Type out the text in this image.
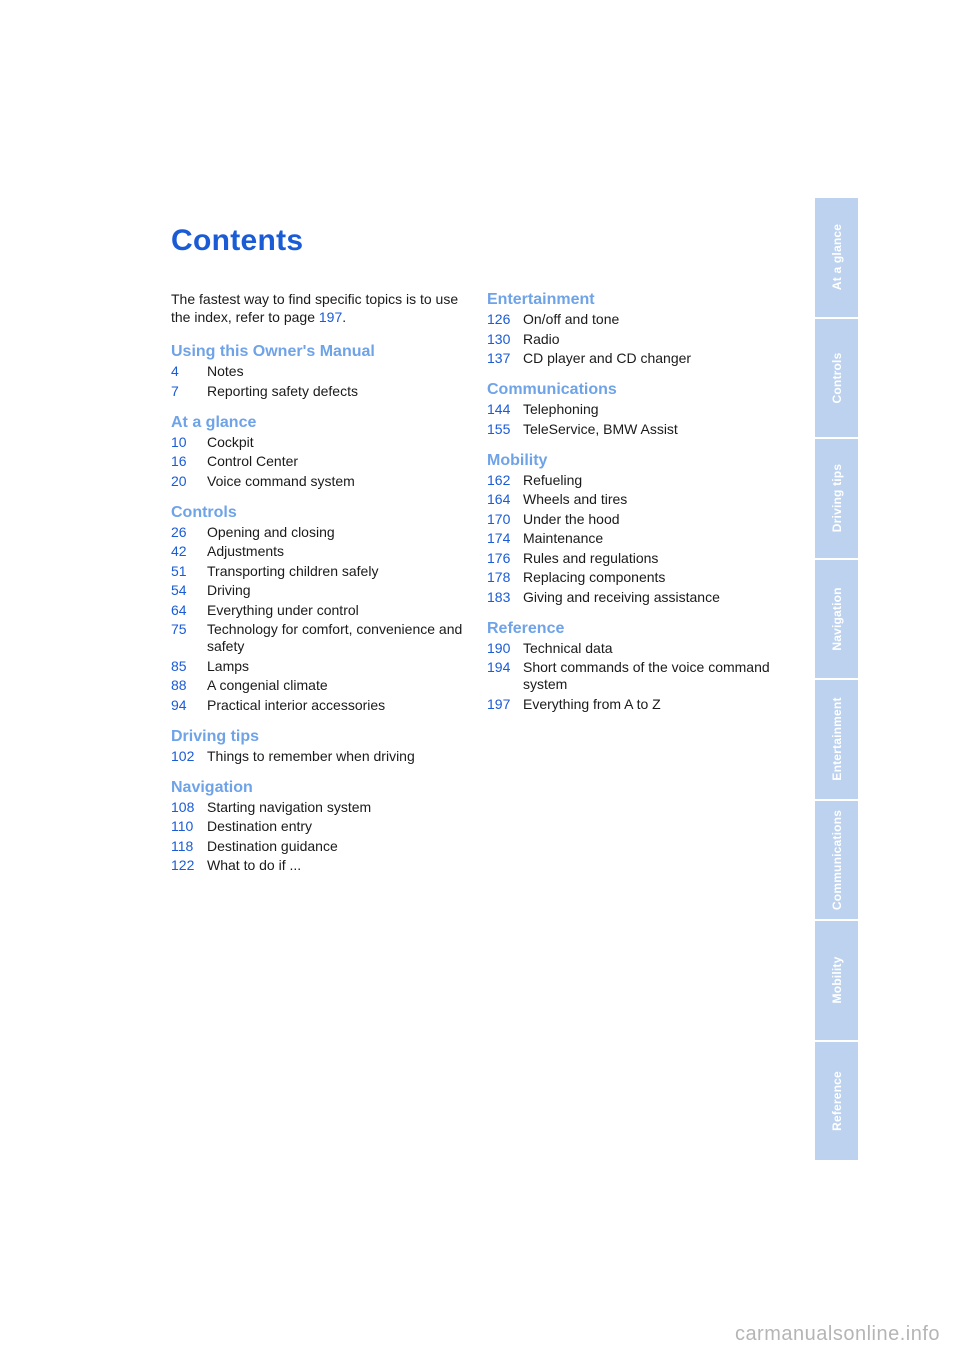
Contents

The fastest way to find specific topics is to use the index, refer to page 197.

Using this Owner's Manual
4	Notes
7	Reporting safety defects
At a glance
10	Cockpit
16	Control Center
20	Voice command system
Controls
26	Opening and closing
42	Adjustments
51	Transporting children safely
54	Driving
64	Everything under control
75	Technology for comfort, convenience and safety
85	Lamps
88	A congenial climate
94	Practical interior accessories
Driving tips
102 Things to remember when driving
Navigation
108 Starting navigation system
110 Destination entry
118 Destination guidance
122 What to do if ...
Entertainment
126 On/off and tone
130 Radio
137 CD player and CD changer
Communications
144 Telephoning
155 TeleService, BMW Assist
Mobility
162 Refueling
164 Wheels and tires
170 Under the hood
174 Maintenance
176 Rules and regulations
178 Replacing components
183 Giving and receiving assistance
Reference
190 Technical data
194 Short commands of the voice command system
197 Everything from A to Z
At a glance
Controls
Driving tips
Navigation
Entertainment
Communications
Mobility
Reference
carmanualsonline.info
